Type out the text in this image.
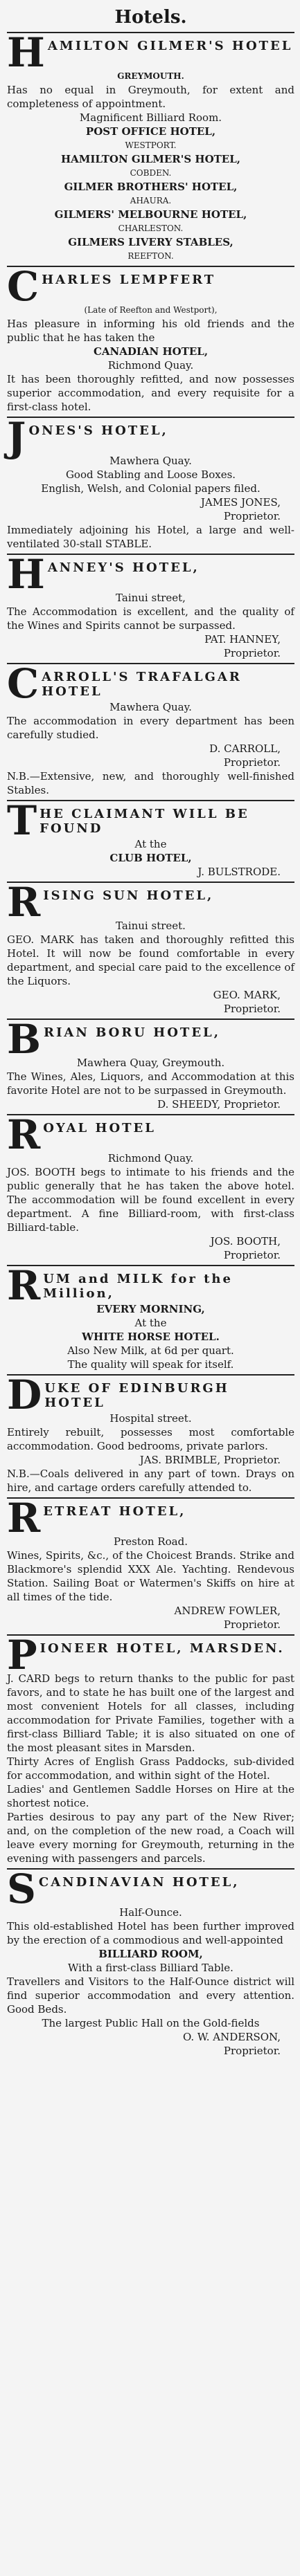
Hotels.
H AMILTON GILMER'S HOTEL
GREYMOUTH.
Has no equal in Greymouth, for extent and completeness of appointment.
Magnificent Billiard Room.
POST OFFICE HOTEL,
WESTPORT.
HAMILTON GILMER'S HOTEL,
COBDEN.
GILMER BROTHERS' HOTEL,
AHAURA.
GILMERS' MELBOURNE HOTEL,
CHARLESTON.
GILMERS LIVERY STABLES,
REEFTON.
C HARLES LEMPFERT
(Late of Reefton and Westport),
Has pleasure in informing his old friends and the public that he has taken the
CANADIAN HOTEL,
Richmond Quay.
It has been thoroughly refitted, and now possesses superior accommodation, and every requisite for a first-class hotel.
J ONES'S HOTEL,
Mawhera Quay.
Good Stabling and Loose Boxes.
English, Welsh, and Colonial papers filed.
JAMES JONES,
Proprietor.
Immediately adjoining his Hotel, a large and well-ventilated 30-stall STABLE.
H ANNEY'S HOTEL,
Tainui street,
The Accommodation is excellent, and the quality of the Wines and Spirits cannot be surpassed.
PAT. HANNEY,
Proprietor.
C ARROLL'S TRAFALGAR HOTEL
Mawhera Quay.
The accommodation in every department has been carefully studied.
D. CARROLL,
Proprietor.
N.B.—Extensive, new, and thoroughly well-finished Stables.
T HE CLAIMANT WILL BE FOUND
At the
CLUB HOTEL,
J. BULSTRODE.
R ISING SUN HOTEL,
Tainui street.
GEO. MARK has taken and thoroughly refitted this Hotel. It will now be found comfortable in every department, and special care paid to the excellence of the Liquors.
GEO. MARK,
Proprietor.
B RIAN BORU HOTEL,
Mawhera Quay, Greymouth.
The Wines, Ales, Liquors, and Accommodation at this favorite Hotel are not to be surpassed in Greymouth.
D. SHEEDY, Proprietor.
R OYAL HOTEL
Richmond Quay.
JOS. BOOTH begs to intimate to his friends and the public generally that he has taken the above hotel. The accommodation will be found excellent in every department. A fine Billiard-room, with first-class Billiard-table.
JOS. BOOTH,
Proprietor.
R UM and MILK for the Million,
EVERY MORNING,
At the
WHITE HORSE HOTEL.
Also New Milk, at 6d per quart.
The quality will speak for itself.
D UKE OF EDINBURGH HOTEL
Hospital street.
Entirely rebuilt, possesses most comfortable accommodation. Good bedrooms, private parlors.
JAS. BRIMBLE, Proprietor.
N.B.—Coals delivered in any part of town. Drays on hire, and cartage orders carefully attended to.
R ETREAT HOTEL,
Preston Road.
Wines, Spirits, &c., of the Choicest Brands. Strike and Blackmore's splendid XXX Ale. Yachting. Rendevous Station. Sailing Boat or Watermen's Skiffs on hire at all times of the tide.
ANDREW FOWLER,
Proprietor.
P IONEER HOTEL, MARSDEN.
J. CARD begs to return thanks to the public for past favors, and to state he has built one of the largest and most convenient Hotels for all classes, including accommodation for Private Families, together with a first-class Billiard Table; it is also situated on one of the most pleasant sites in Marsden.
Thirty Acres of English Grass Paddocks, sub-divided for accommodation, and within sight of the Hotel.
Ladies' and Gentlemen Saddle Horses on Hire at the shortest notice.
Parties desirous to pay any part of the New River; and, on the completion of the new road, a Coach will leave every morning for Greymouth, returning in the evening with passengers and parcels.
S CANDINAVIAN HOTEL,
Half-Ounce.
This old-established Hotel has been further improved by the erection of a commodious and well-appointed
BILLIARD ROOM,
With a first-class Billiard Table.
Travellers and Visitors to the Half-Ounce district will find superior accommodation and every attention. Good Beds.
The largest Public Hall on the Gold-fields
O. W. ANDERSON,
Proprietor.
